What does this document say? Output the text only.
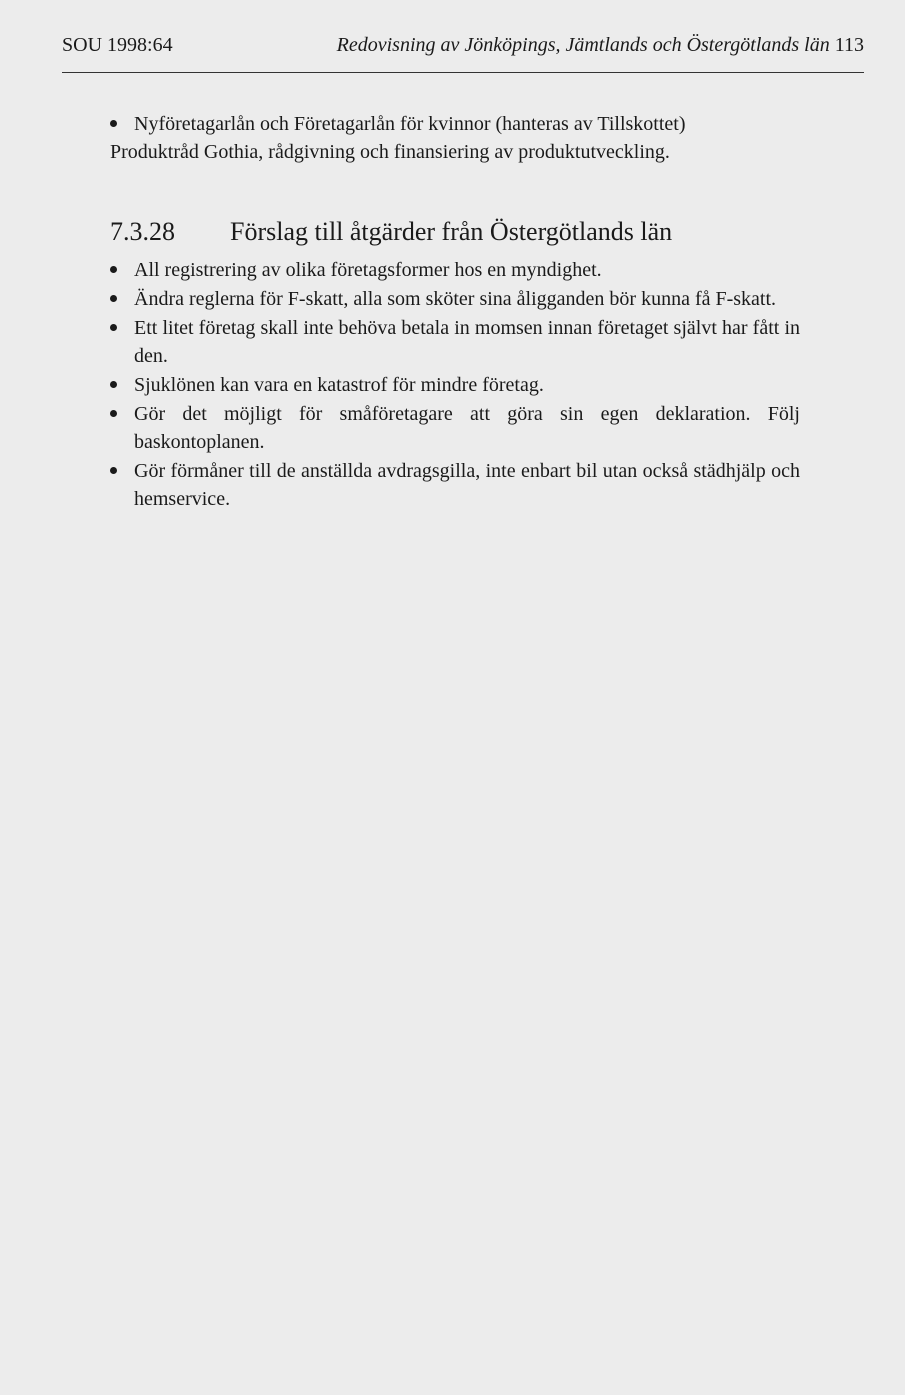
SOU 1998:64	Redovisning av Jönköpings, Jämtlands och Östergötlands län 113
Nyföretagarlån och Företagarlån för kvinnor (hanteras av Tillskottet)

Produktråd Gothia, rådgivning och finansiering av produktutveckling.

7.3.28 Förslag till åtgärder från Östergötlands län
All registrering av olika företagsformer hos en myndighet.
Ändra reglerna för F-skatt, alla som sköter sina åligganden bör kunna få F-skatt.
Ett litet företag skall inte behöva betala in momsen innan företaget självt har fått in den.
Sjuklönen kan vara en katastrof för mindre företag.
Gör det möjligt för småföretagare att göra sin egen deklaration. Följ baskontoplanen.
Gör förmåner till de anställda avdragsgilla, inte enbart bil utan också städhjälp och hemservice.
